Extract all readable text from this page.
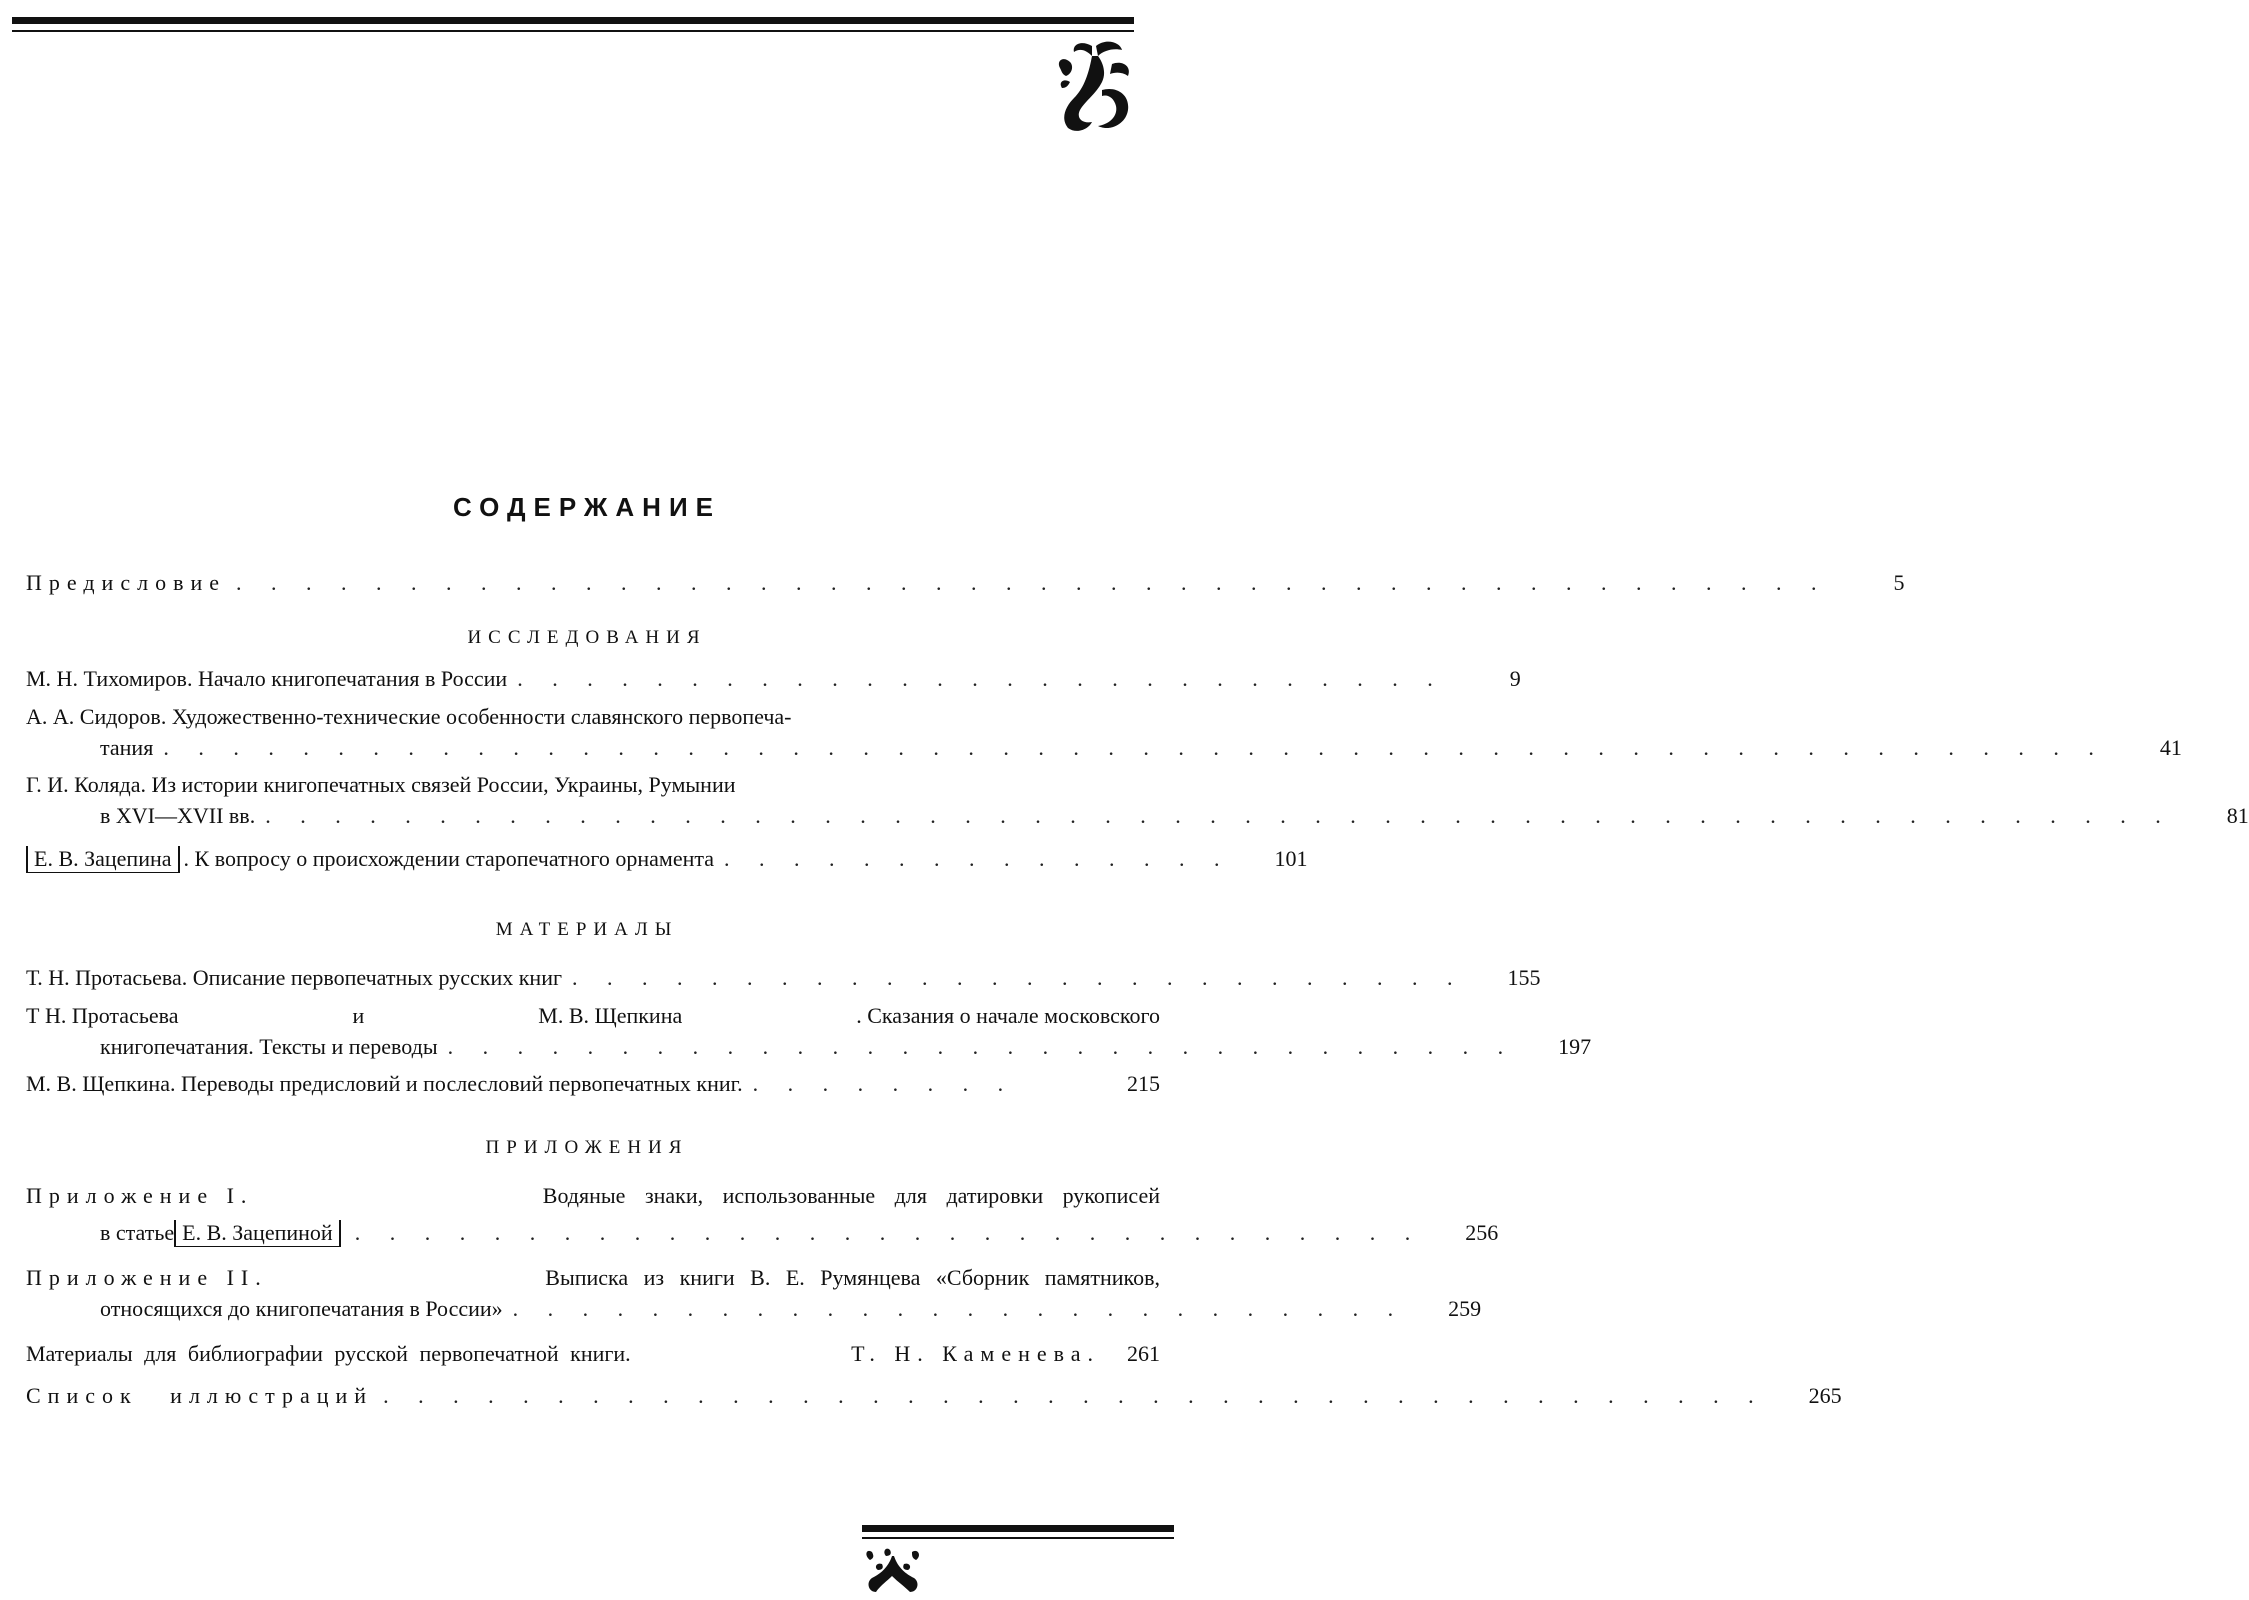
СОДЕРЖАНИЕ
Предисловие . . . . . . . . . . . . . . . . . . . . . . . . . . . . . . . . . . . . . . . . . . . . . .	5
ИССЛЕДОВАНИЯ
М. Н. Тихомиров . Начало книгопечатания в России . . . . . . . . . . . . . . . . . . . . . . . . . . .	9
А. А. Сидоров . Художественно-технические особенности славянского первопеча-
тания . . . . . . . . . . . . . . . . . . . . . . . . . . . . . . . . . . . . . . . . . . . . . . . . . . . . . . . .	41
Г. И. Коляда . Из истории книгопечатных связей России, Украины, Румынии
в XVI—XVII вв. . . . . . . . . . . . . . . . . . . . . . . . . . . . . . . . . . . . . . . . . . . . . . . . . . . . . . . .	81
Е. В. Зацепина . К вопросу о происхождении старопечатного орнамента . . . . . . . . . . . . . . .	101
МАТЕРИАЛЫ
Т. Н. Протасьева . Описание первопечатных русских книг . . . . . . . . . . . . . . . . . . . . . . . . . .	155
Т Н. Протасьева	и	М. В. Щепкина	. Сказания о начале московского
книгопечатания. Тексты и переводы . . . . . . . . . . . . . . . . . . . . . . . . . . . . . . .	197
М. В. Щепкина . Переводы предисловий и послесловий первопечатных книг. . . . . . . . .	215
ПРИЛОЖЕНИЯ
Приложение I.	Водяные знаки, использованные для датировки рукописей
в статье Е. В. Зацепиной	. . . . . . . . . . . . . . . . . . . . . . . . . . . . . . .	256
Приложение II.	Выписка из книги В. Е. Румянцева «Сборник памятников,
относящихся до книгопечатания в России» . . . . . . . . . . . . . . . . . . . . . . . . . .	259
Материалы для библиографии русской первопечатной книги.	Т. Н. Каменева.	261
Список иллюстраций . . . . . . . . . . . . . . . . . . . . . . . . . . . . . . . . . . . . . . . .	265
